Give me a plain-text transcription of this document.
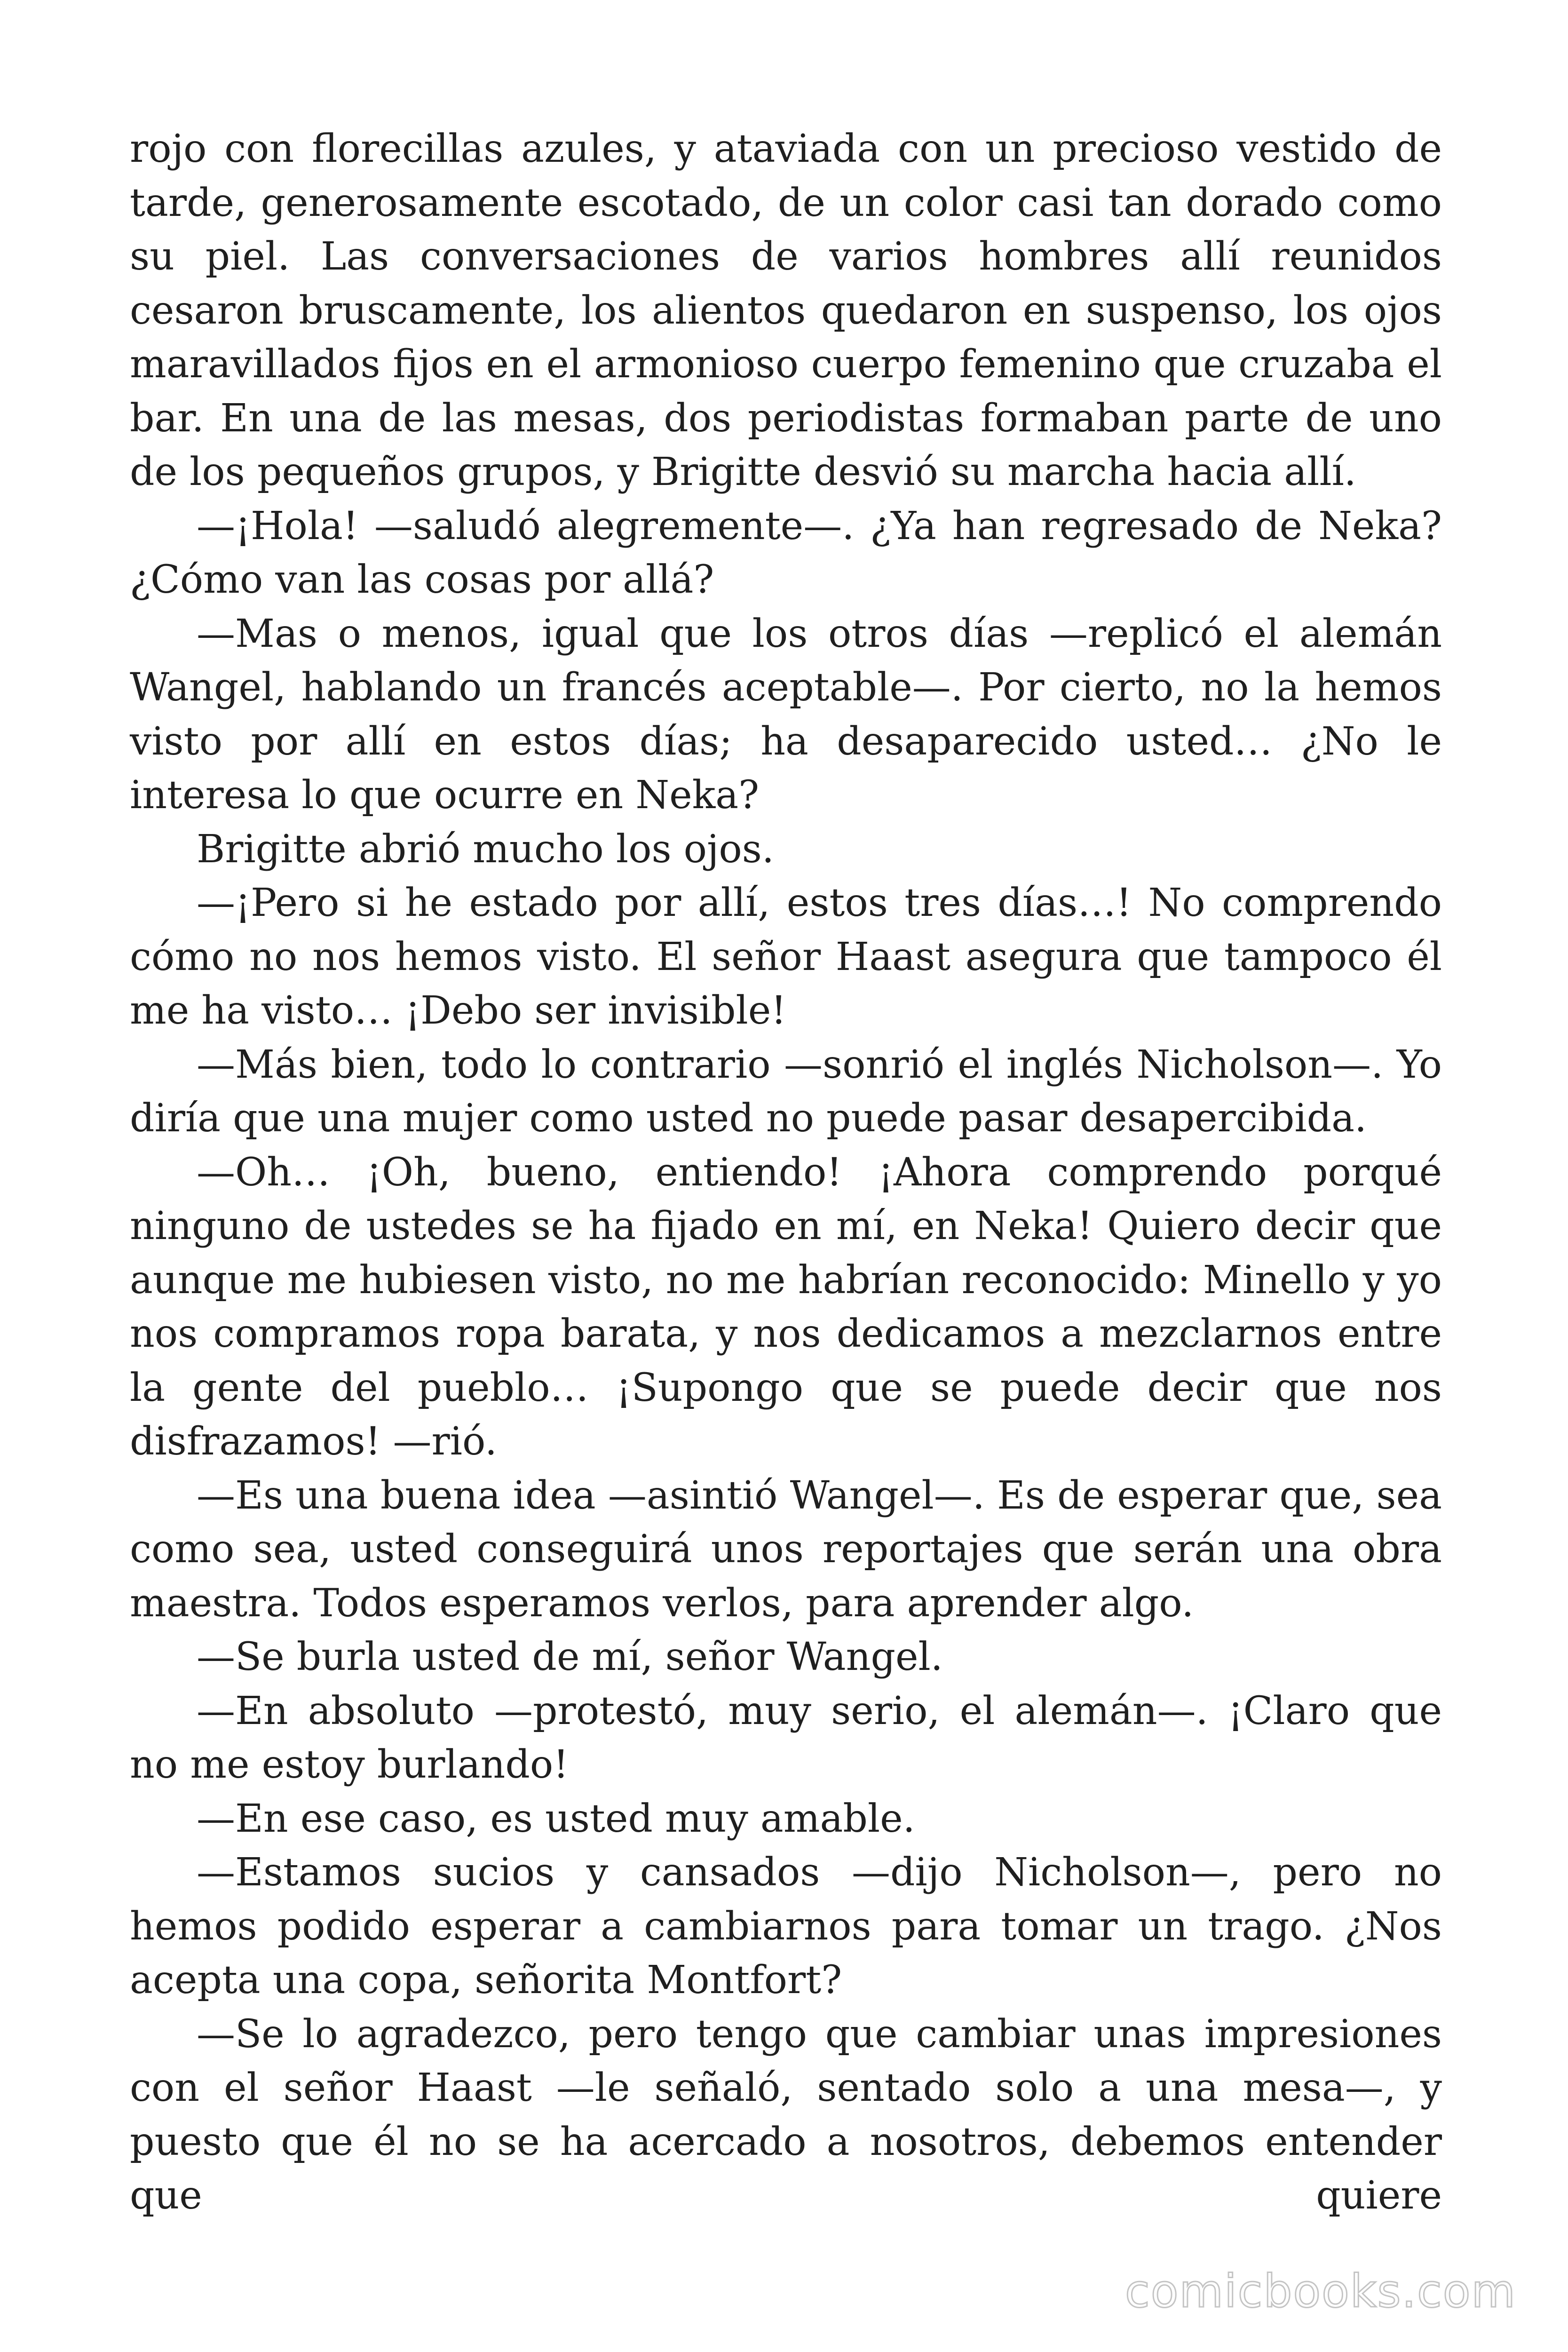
rojo con florecillas azules, y ataviada con un precioso vestido de tarde, generosamente escotado, de un color casi tan dorado como su piel. Las conversaciones de varios hombres allí reunidos cesaron bruscamente, los alientos quedaron en suspenso, los ojos maravillados fijos en el armonioso cuerpo femenino que cruzaba el bar. En una de las mesas, dos periodistas formaban parte de uno de los pequeños grupos, y Brigitte desvió su marcha hacia allí.

—¡Hola! —saludó alegremente—. ¿Ya han regresado de Neka? ¿Cómo van las cosas por allá?

—Mas o menos, igual que los otros días —replicó el alemán Wangel, hablando un francés aceptable—. Por cierto, no la hemos visto por allí en estos días; ha desaparecido usted… ¿No le interesa lo que ocurre en Neka?

Brigitte abrió mucho los ojos.

—¡Pero si he estado por allí, estos tres días…! No comprendo cómo no nos hemos visto. El señor Haast asegura que tampoco él me ha visto… ¡Debo ser invisible!

—Más bien, todo lo contrario —sonrió el inglés Nicholson—. Yo diría que una mujer como usted no puede pasar desapercibida.

—Oh… ¡Oh, bueno, entiendo! ¡Ahora comprendo porqué ninguno de ustedes se ha fijado en mí, en Neka! Quiero decir que aunque me hubiesen visto, no me habrían reconocido: Minello y yo nos compramos ropa barata, y nos dedicamos a mezclarnos entre la gente del pueblo… ¡Supongo que se puede decir que nos disfrazamos! —rió.

—Es una buena idea —asintió Wangel—. Es de esperar que, sea como sea, usted conseguirá unos reportajes que serán una obra maestra. Todos esperamos verlos, para aprender algo.

—Se burla usted de mí, señor Wangel.

—En absoluto —protestó, muy serio, el alemán—. ¡Claro que no me estoy burlando!

—En ese caso, es usted muy amable.

—Estamos sucios y cansados —dijo Nicholson—, pero no hemos podido esperar a cambiarnos para tomar un trago. ¿Nos acepta una copa, señorita Montfort?

—Se lo agradezco, pero tengo que cambiar unas impresiones con el señor Haast —le señaló, sentado solo a una mesa—, y puesto que él no se ha acercado a nosotros, debemos entender que quiere

comicbooks.com
